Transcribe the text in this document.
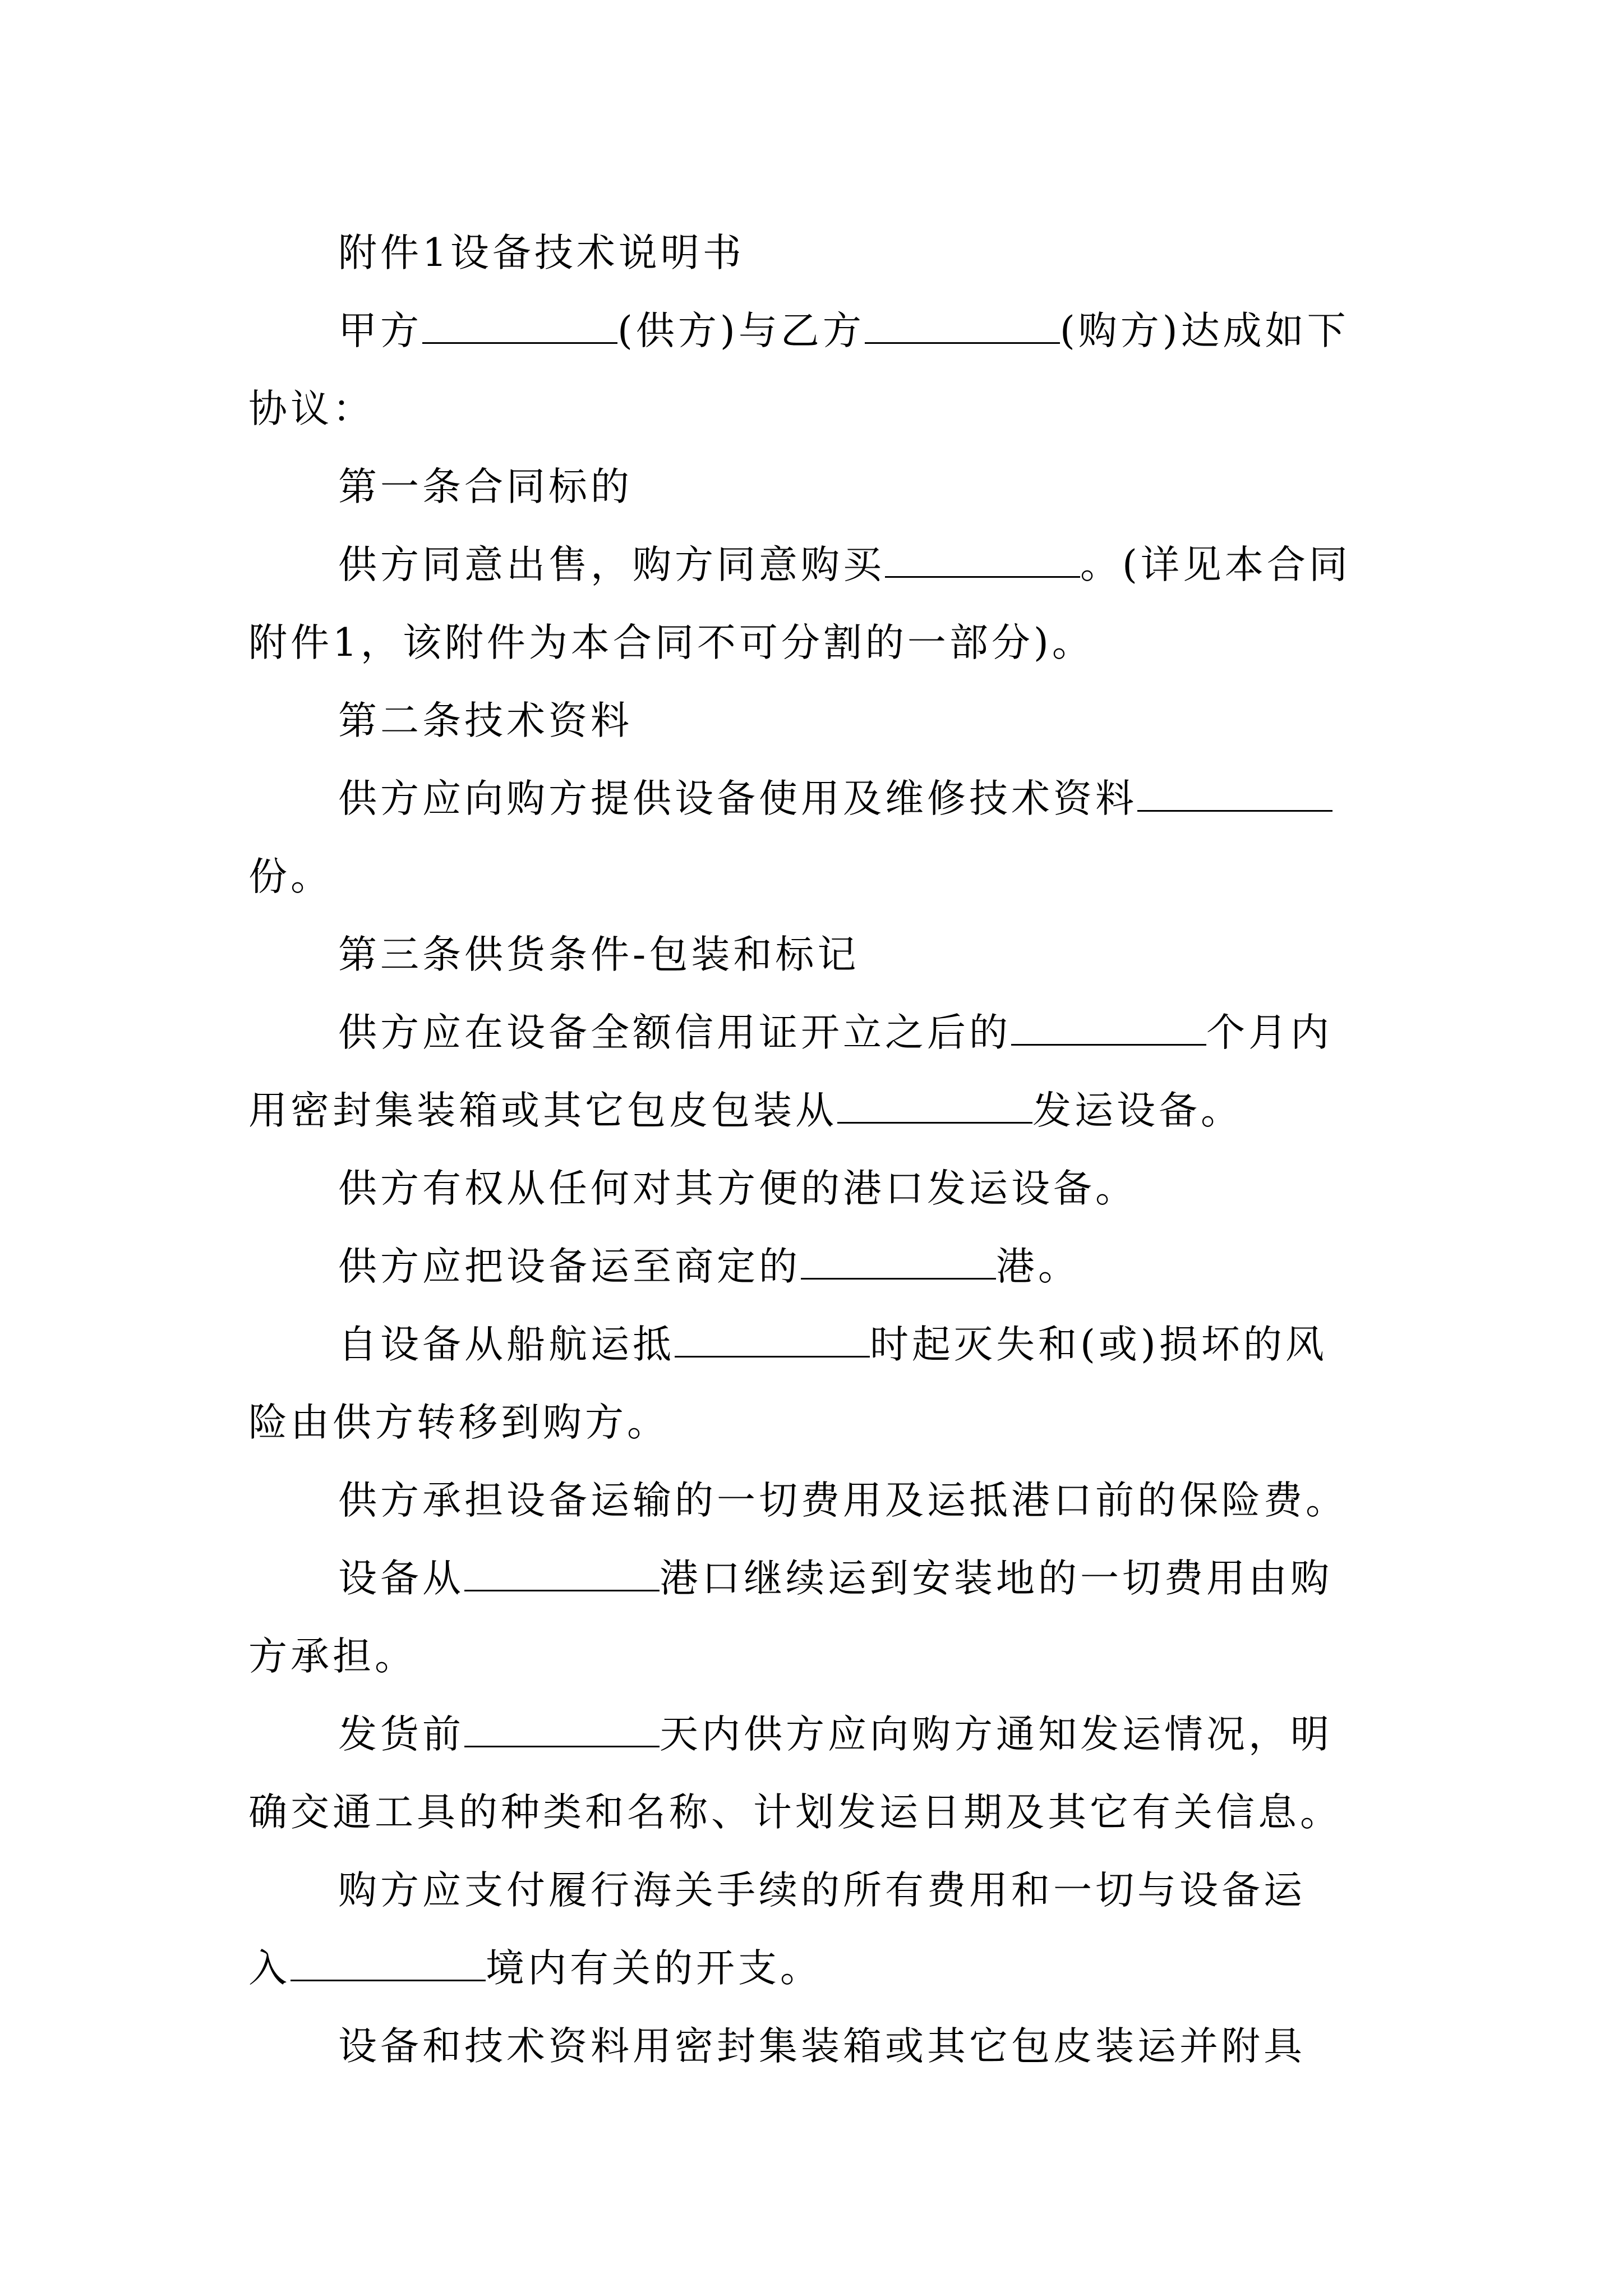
附件1设备技术说明书
甲方	(供方)与乙方	(购方)达成如下
协议：
第一条合同标的
供方同意出售，购方同意购买	。(详见本合同
附件1，该附件为本合同不可分割的一部分)。
第二条技术资料
供方应向购方提供设备使用及维修技术资料
份。
第三条供货条件-包装和标记
供方应在设备全额信用证开立之后的	个月内
用密封集装箱或其它包皮包装从	发运设备。
供方有权从任何对其方便的港口发运设备。
供方应把设备运至商定的	港。
自设备从船航运抵	时起灭失和(或)损坏的风
险由供方转移到购方。
供方承担设备运输的一切费用及运抵港口前的保险费。
设备从	港口继续运到安装地的一切费用由购
方承担。
发货前	天内供方应向购方通知发运情况，明
确交通工具的种类和名称、计划发运日期及其它有关信息。
购方应支付履行海关手续的所有费用和一切与设备运
入	境内有关的开支。
设备和技术资料用密封集装箱或其它包皮装运并附具
